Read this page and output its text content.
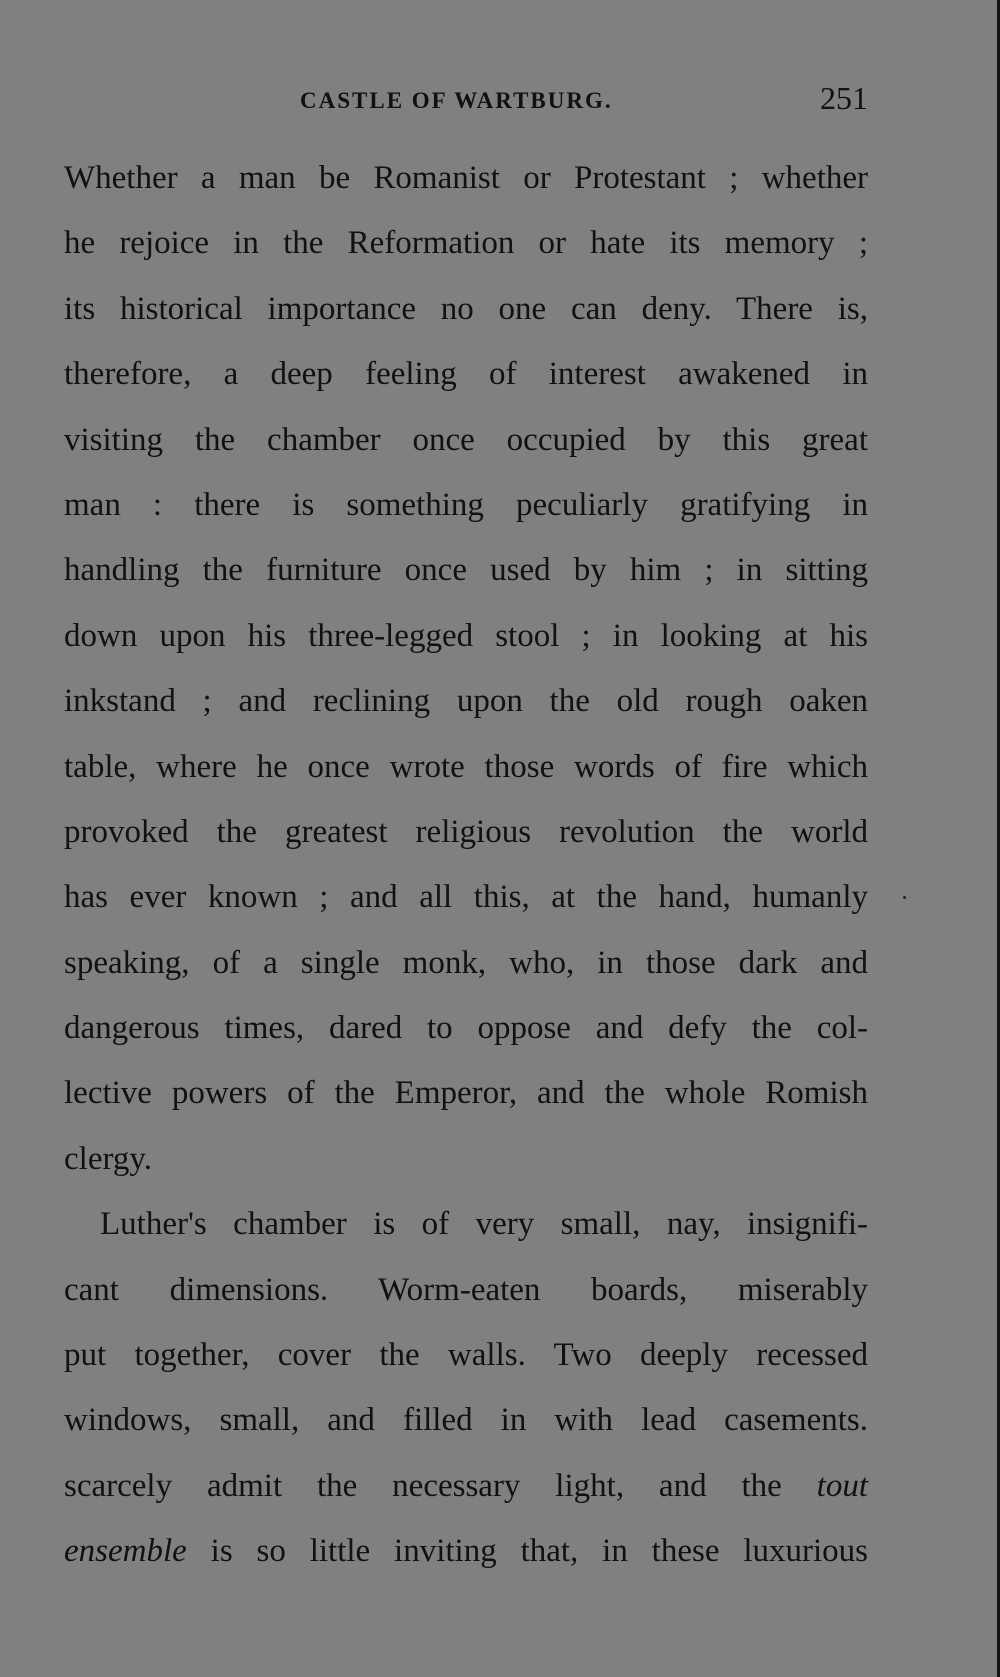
CASTLE OF WARTBURG.	251
Whether a man be Romanist or Protestant ; whether
he rejoice in the Reformation or hate its memory ;
its historical importance no one can deny. There is,
therefore, a deep feeling of interest awakened in
visiting the chamber once occupied by this great
man : there is something peculiarly gratifying in
handling the furniture once used by him ; in sitting
down upon his three-legged stool ; in looking at his
inkstand ; and reclining upon the old rough oaken
table, where he once wrote those words of fire which
provoked the greatest religious revolution the world
has ever known ; and all this, at the hand, humanly
speaking, of a single monk, who, in those dark and
dangerous times, dared to oppose and defy the col-
lective powers of the Emperor, and the whole Romish
clergy.
Luther's chamber is of very small, nay, insignifi-
cant dimensions. Worm-eaten boards, miserably
put together, cover the walls. Two deeply recessed
windows, small, and filled in with lead casements.
scarcely admit the necessary light, and the tout
ensemble is so little inviting that, in these luxurious
